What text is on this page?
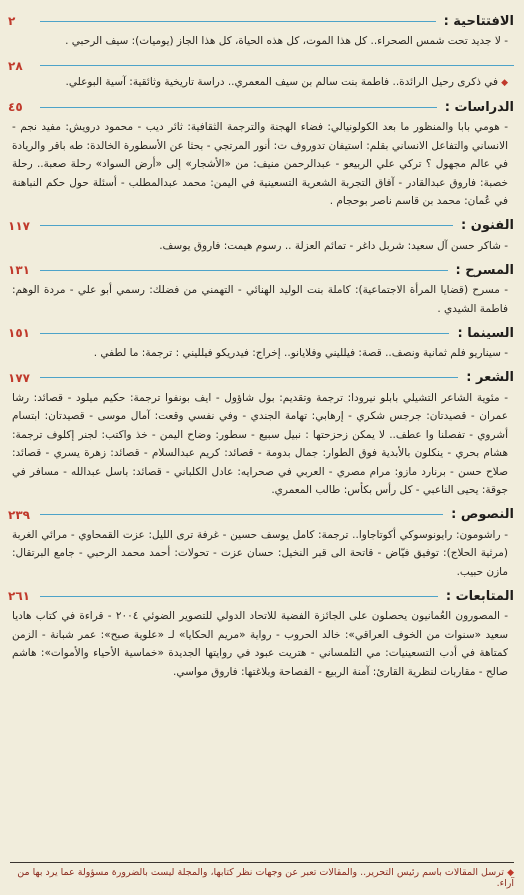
الافتتاحية :
٢
- لا جديد تحت شمس الصحراء.. كل هذا الموت، كل هذه الحياة، كل هذا الجاز (يوميات): سيف الرحبي .
٢٨
◆في ذكرى رحيل الرائدة.. فاطمة بنت سالم بن سيف المعمري.. دراسة تاريخية وثائقية: آسية البوعلي.
الدراسات :
٤٥
- هومي بابا والمنظور ما بعد الكولونيالي: فضاء الهجنة والترجمة الثقافية: ثائر ديب - محمود درويش: مفيد نجم - الانساني والتفاعل الانساني بقلم: استيفان تدوروف ت: أنور المرتجي - بحثا عن الأسطورة الخالدة: طه باقر والريادة في عالم مجهول ؟ تركي علي الربيعو - عبدالرحمن منيف: من «الأشجار» إلى «أرض السواد» رحلة صعبة.. رحلة خصبة: فاروق عبدالقادر - آفاق التجربة الشعرية التسعينية في اليمن: محمد عبدالمطلب - أسئلة حول حكم النباهنة في عُمان: محمد بن قاسم ناصر بوحجام .
الفنون :
١١٧
- شاكر حسن آل سعيد: شربل داغر - تمائم العزلة .. رسوم هيمت: فاروق يوسف.
المسرح :
١٣١
- مسرح (قضايا المرأة الاجتماعية): كاملة بنت الوليد الهنائي - التهمني من فضلك: رسمي أبو علي - مردة الوهم: فاطمة الشيدي .
السينما :
١٥١
- سيناريو فلم ثمانية ونصف.. قصة: فيلليني وفلايانو.. إخراج: فيدريكو فيلليني : ترجمة: ما لطفي .
الشعر :
١٧٧
- مئوية الشاعر التشيلي بابلو نيرودا: ترجمة وتقديم: بول شاؤول - ايف بونفوا ترجمة: حكيم ميلود - قصائد: رشا عمران - قصيدتان: جرجس شكري - إرهابي: تهامة الجندي - وفي نفسي وقعت: آمال موسى - قصيدتان: ابتسام أشروي - تفصلنا وا عطف.. لا يمكن زحزحتها : نبيل سبيع - سطور: وضاح اليمن - خذ واكتب: لجنر إكلوف ترجمة: هشام بحري - ينكلون بالأبدية فوق الطوار: جمال بدومة - قصائد: كريم عبدالسلام - قصائد: زهرة يسري - قصائد: صلاح حسن - برنارد مازو: مرام مصري - العربي في صحرايه: عادل الكلباني - قصائد: باسل عبدالله - مسافر في جوقة: يحيى الناعبي - كل رأس بكأس: طالب المعمري.
النصوص :
٢٣٩
- راشومون: رايونوسوكي أكوتاجاوا.. ترجمة: كامل يوسف حسين - غرفة ترى الليل: عزت القمحاوي - مرائي الغربة (مرثية الحلاج): توفيق فيّاض - قاتحة الى قبر النخيل: حسان عزت - تحولات: أحمد محمد الرحبي - جامع البرتقال: مازن حبيب.
المتابعات :
٢٦١
- المصورون العُمانيون يحصلون على الجائزة الفضية للاتحاد الدولي للتصوير الضوئي ٢٠٠٤ - قراءة في كتاب هاديا سعيد «سنوات من الخوف العراقي»: خالد الحروب - رواية «مريم الحكايا» لـ «علوية صبح»: عمر شبانة - الزمن كمتاهة في أدب التسعينيات: مي التلمساني - هتريت عبود في روايتها الجديدة «خماسية الأحياء والأموات»: هاشم صالح - مقاربات لنظرية القارئ: آمنة الربيع - الفصاحة وبلاغتها: فاروق مواسي.
◆ترسل المقالات باسم رئيس التحرير.. والمقالات تعبر عن وجهات نظر كتابها، والمجلة ليست بالضرورة مسؤولة عما يرد بها من آراء.
